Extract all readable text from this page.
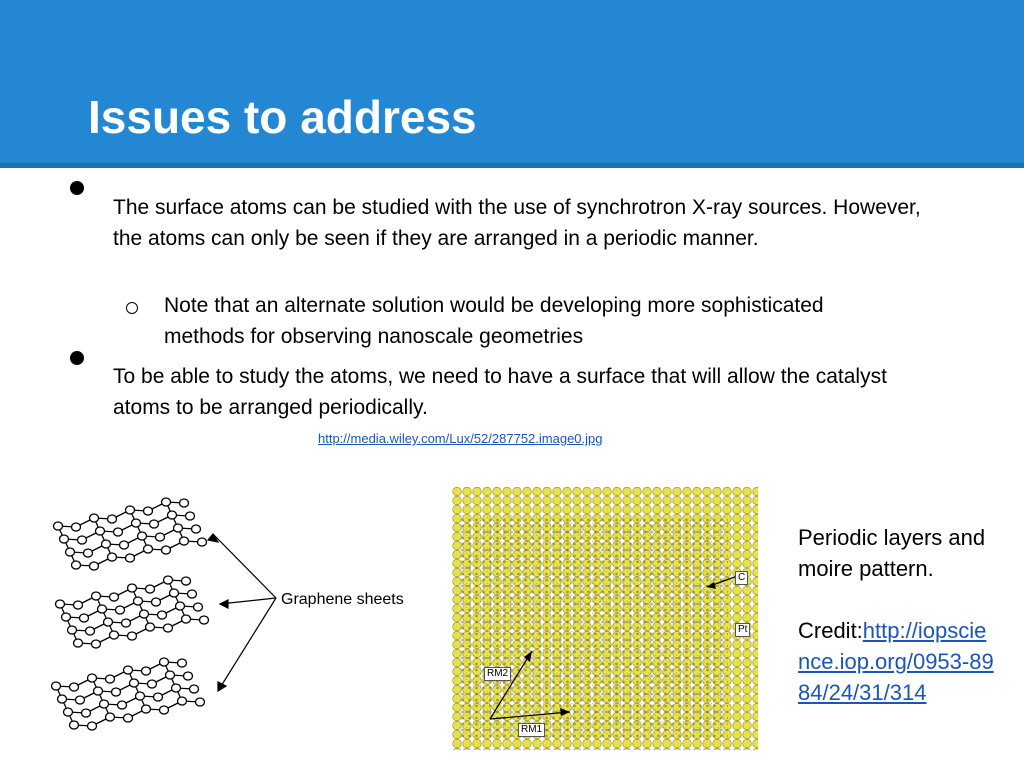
Issues to address

The surface atoms can be studied with the use of synchrotron X-ray sources. However, the atoms can only be seen if they are arranged in a periodic manner.

Note that an alternate solution would be developing more sophisticated methods for observing nanoscale geometries

To be able to study the atoms, we need to have a surface that will allow the catalyst atoms to be arranged periodically.

http://media.wiley.com/Lux/52/287752.image0.jpg
Graphene sheets
C
Pt
RM2
RM1
Periodic layers and moire pattern.
Credit:http://iopscience.iop.org/0953-8984/24/31/314
